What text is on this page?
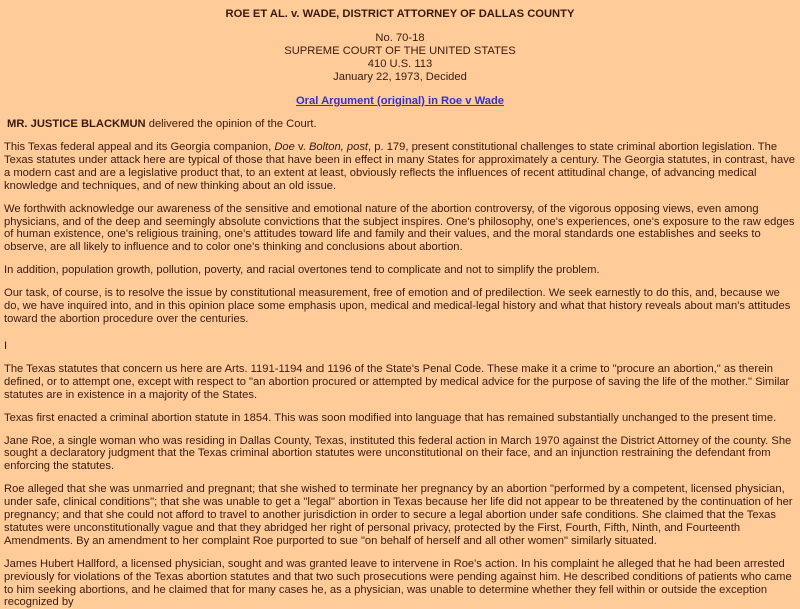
ROE ET AL. v. WADE, DISTRICT ATTORNEY OF DALLAS COUNTY
No. 70-18
SUPREME COURT OF THE UNITED STATES
410 U.S. 113
January 22, 1973, Decided
Oral Argument (original) in Roe v Wade
MR. JUSTICE BLACKMUN delivered the opinion of the Court.

This Texas federal appeal and its Georgia companion, Doe v. Bolton, post, p. 179, present constitutional challenges to state criminal abortion legislation. The Texas statutes under attack here are typical of those that have been in effect in many States for approximately a century. The Georgia statutes, in contrast, have a modern cast and are a legislative product that, to an extent at least, obviously reflects the influences of recent attitudinal change, of advancing medical knowledge and techniques, and of new thinking about an old issue.

We forthwith acknowledge our awareness of the sensitive and emotional nature of the abortion controversy, of the vigorous opposing views, even among physicians, and of the deep and seemingly absolute convictions that the subject inspires. One's philosophy, one's experiences, one's exposure to the raw edges of human existence, one's religious training, one's attitudes toward life and family and their values, and the moral standards one establishes and seeks to observe, are all likely to influence and to color one's thinking and conclusions about abortion.

In addition, population growth, pollution, poverty, and racial overtones tend to complicate and not to simplify the problem.

Our task, of course, is to resolve the issue by constitutional measurement, free of emotion and of predilection. We seek earnestly to do this, and, because we do, we have inquired into, and in this opinion place some emphasis upon, medical and medical-legal history and what that history reveals about man's attitudes toward the abortion procedure over the centuries.

I

The Texas statutes that concern us here are Arts. 1191-1194 and 1196 of the State's Penal Code. These make it a crime to "procure an abortion," as therein defined, or to attempt one, except with respect to "an abortion procured or attempted by medical advice for the purpose of saving the life of the mother." Similar statutes are in existence in a majority of the States.

Texas first enacted a criminal abortion statute in 1854. This was soon modified into language that has remained substantially unchanged to the present time.

Jane Roe, a single woman who was residing in Dallas County, Texas, instituted this federal action in March 1970 against the District Attorney of the county. She sought a declaratory judgment that the Texas criminal abortion statutes were unconstitutional on their face, and an injunction restraining the defendant from enforcing the statutes.

Roe alleged that she was unmarried and pregnant; that she wished to terminate her pregnancy by an abortion "performed by a competent, licensed physician, under safe, clinical conditions"; that she was unable to get a "legal" abortion in Texas because her life did not appear to be threatened by the continuation of her pregnancy; and that she could not afford to travel to another jurisdiction in order to secure a legal abortion under safe conditions. She claimed that the Texas statutes were unconstitutionally vague and that they abridged her right of personal privacy, protected by the First, Fourth, Fifth, Ninth, and Fourteenth Amendments. By an amendment to her complaint Roe purported to sue "on behalf of herself and all other women" similarly situated.

James Hubert Hallford, a licensed physician, sought and was granted leave to intervene in Roe's action. In his complaint he alleged that he had been arrested previously for violations of the Texas abortion statutes and that two such prosecutions were pending against him. He described conditions of patients who came to him seeking abortions, and he claimed that for many cases he, as a physician, was unable to determine whether they fell within or outside the exception recognized by
